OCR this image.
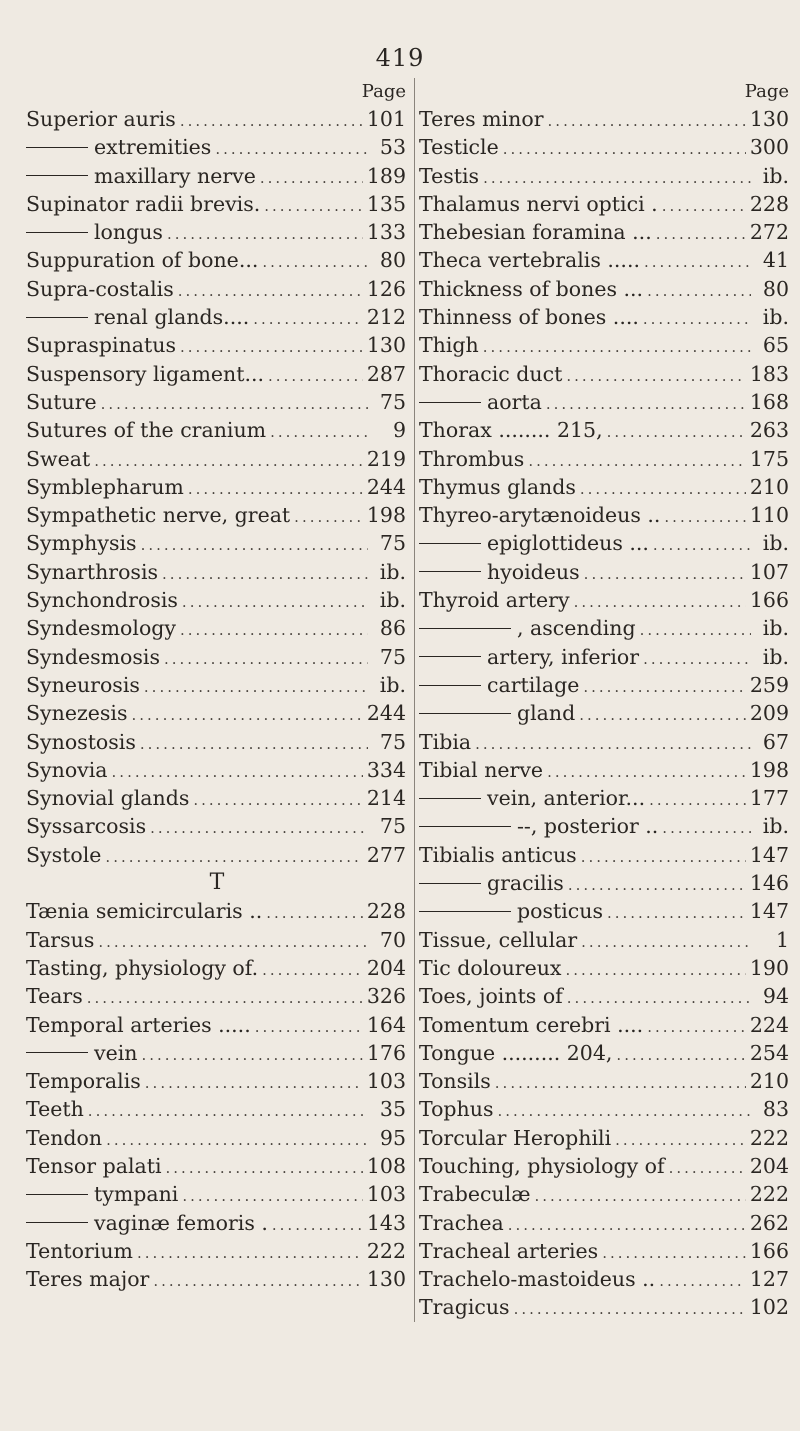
419
Page
Superior auris .....	101
extremities .....	53
maxillary nerve .....	189
Supinator radii brevis. .....	135
longus .....	133
Suppuration of bone... .....	80
Supra-costalis .....	126
renal glands.... .....	212
Supraspinatus .....	130
Suspensory ligament... .....	287
Suture .....	75
Sutures of the cranium .....	9
Sweat .....	219
Symblepharum .....	244
Sympathetic nerve, great .....	198
Symphysis .....	75
Synarthrosis .....	ib.
Synchondrosis .....	ib.
Syndesmology .....	86
Syndesmosis .....	75
Syneurosis .....	ib.
Synezesis .....	244
Synostosis .....	75
Synovia .....	334
Synovial glands .....	214
Syssarcosis .....	75
Systole .....	277
T
Tænia semicircularis .. .....	228
Tarsus .....	70
Tasting, physiology of. .....	204
Tears .....	326
Temporal arteries ..... .....	164
vein .....	176
Temporalis .....	103
Teeth .....	35
Tendon .....	95
Tensor palati .....	108
tympani .....	103
vaginæ femoris . .....	143
Tentorium .....	222
Teres major .....	130
Page
Teres minor .....	130
Testicle .....	300
Testis .....	ib.
Thalamus nervi optici . .....	228
Thebesian foramina ... .....	272
Theca vertebralis ..... .....	41
Thickness of bones ... .....	80
Thinness of bones .... .....	ib.
Thigh .....	65
Thoracic duct .....	183
aorta .....	168
Thorax ........ 215, .....	263
Thrombus .....	175
Thymus glands .....	210
Thyreo-arytænoideus .. .....	110
epiglottideus ... .....	ib.
hyoideus .....	107
Thyroid artery .....	166
, ascending .....	ib.
artery, inferior .....	ib.
cartilage .....	259
gland .....	209
Tibia .....	67
Tibial nerve .....	198
vein, anterior... .....	177
--, posterior .. .....	ib.
Tibialis anticus .....	147
gracilis .....	146
posticus .....	147
Tissue, cellular .....	1
Tic doloureux .....	190
Toes, joints of .....	94
Tomentum cerebri .... .....	224
Tongue ......... 204, .....	254
Tonsils .....	210
Tophus .....	83
Torcular Herophili .....	222
Touching, physiology of .....	204
Trabeculæ .....	222
Trachea .....	262
Tracheal arteries .....	166
Trachelo-mastoideus .. .....	127
Tragicus .....	102
